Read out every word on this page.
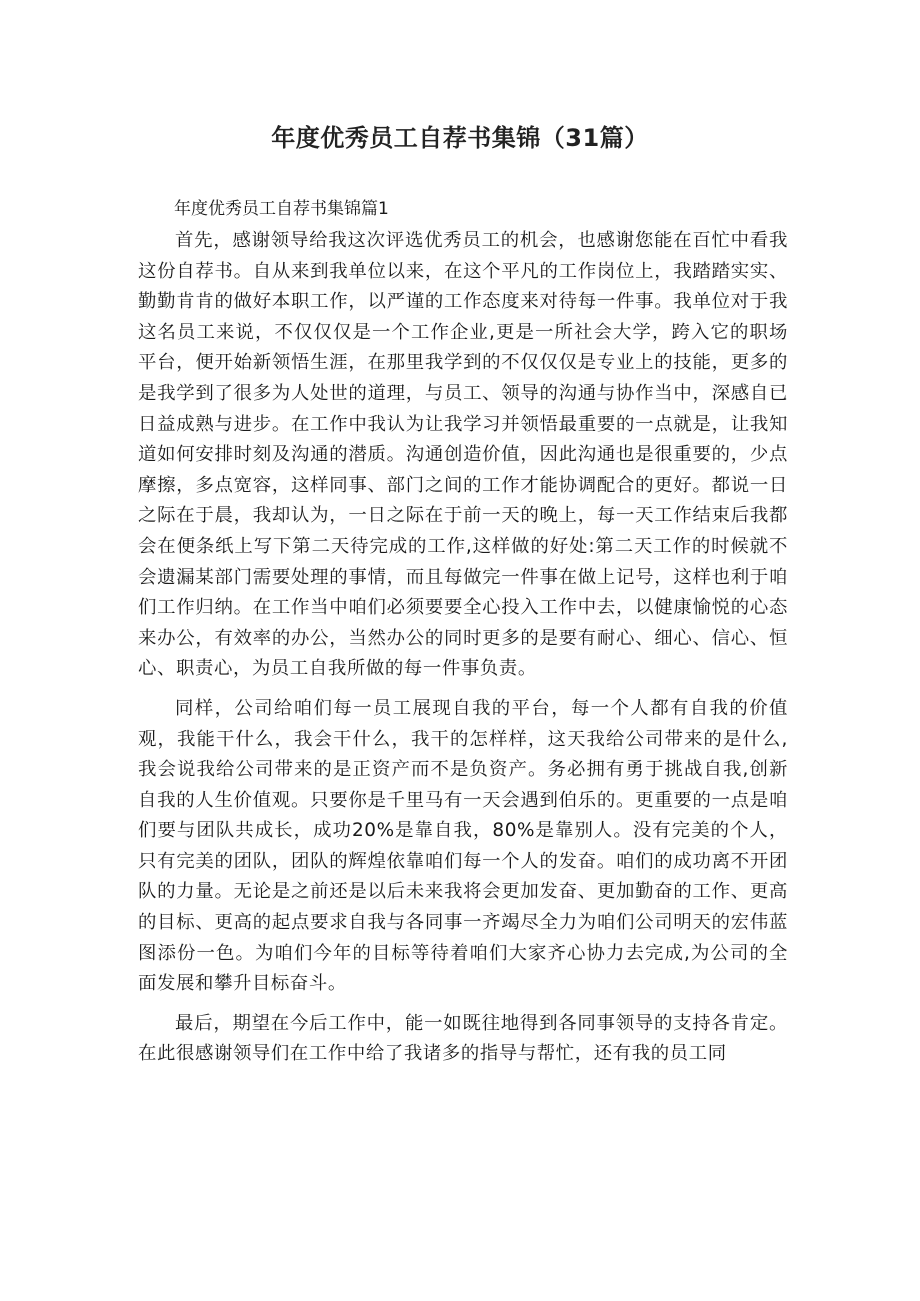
年度优秀员工自荐书集锦（31篇）

年度优秀员工自荐书集锦篇1

首先，感谢领导给我这次评选优秀员工的机会，也感谢您能在百忙中看我这份自荐书。自从来到我单位以来，在这个平凡的工作岗位上，我踏踏实实、勤勤肯肯的做好本职工作，以严谨的工作态度来对待每一件事。我单位对于我这名员工来说，不仅仅仅是一个工作企业,更是一所社会大学，跨入它的职场平台，便开始新领悟生涯，在那里我学到的不仅仅仅是专业上的技能，更多的是我学到了很多为人处世的道理，与员工、领导的沟通与协作当中，深感自已日益成熟与进步。在工作中我认为让我学习并领悟最重要的一点就是，让我知道如何安排时刻及沟通的潜质。沟通创造价值，因此沟通也是很重要的，少点摩擦，多点宽容，这样同事、部门之间的工作才能协调配合的更好。都说一日之际在于晨，我却认为，一日之际在于前一天的晚上，每一天工作结束后我都会在便条纸上写下第二天待完成的工作,这样做的好处:第二天工作的时候就不会遗漏某部门需要处理的事情，而且每做完一件事在做上记号，这样也利于咱们工作归纳。在工作当中咱们必须要要全心投入工作中去，以健康愉悦的心态来办公，有效率的办公，当然办公的同时更多的是要有耐心、细心、信心、恒心、职责心，为员工自我所做的每一件事负责。

同样，公司给咱们每一员工展现自我的平台，每一个人都有自我的价值观，我能干什么，我会干什么，我干的怎样样，这天我给公司带来的是什么,我会说我给公司带来的是正资产而不是负资产。务必拥有勇于挑战自我,创新自我的人生价值观。只要你是千里马有一天会遇到伯乐的。更重要的一点是咱们要与团队共成长，成功20%是靠自我，80%是靠别人。没有完美的个人，只有完美的团队，团队的辉煌依靠咱们每一个人的发奋。咱们的成功离不开团队的力量。无论是之前还是以后未来我将会更加发奋、更加勤奋的工作、更高的目标、更高的起点要求自我与各同事一齐竭尽全力为咱们公司明天的宏伟蓝图添份一色。为咱们今年的目标等待着咱们大家齐心协力去完成,为公司的全面发展和攀升目标奋斗。

最后，期望在今后工作中，能一如既往地得到各同事领导的支持各肯定。在此很感谢领导们在工作中给了我诸多的指导与帮忙，还有我的员工同
